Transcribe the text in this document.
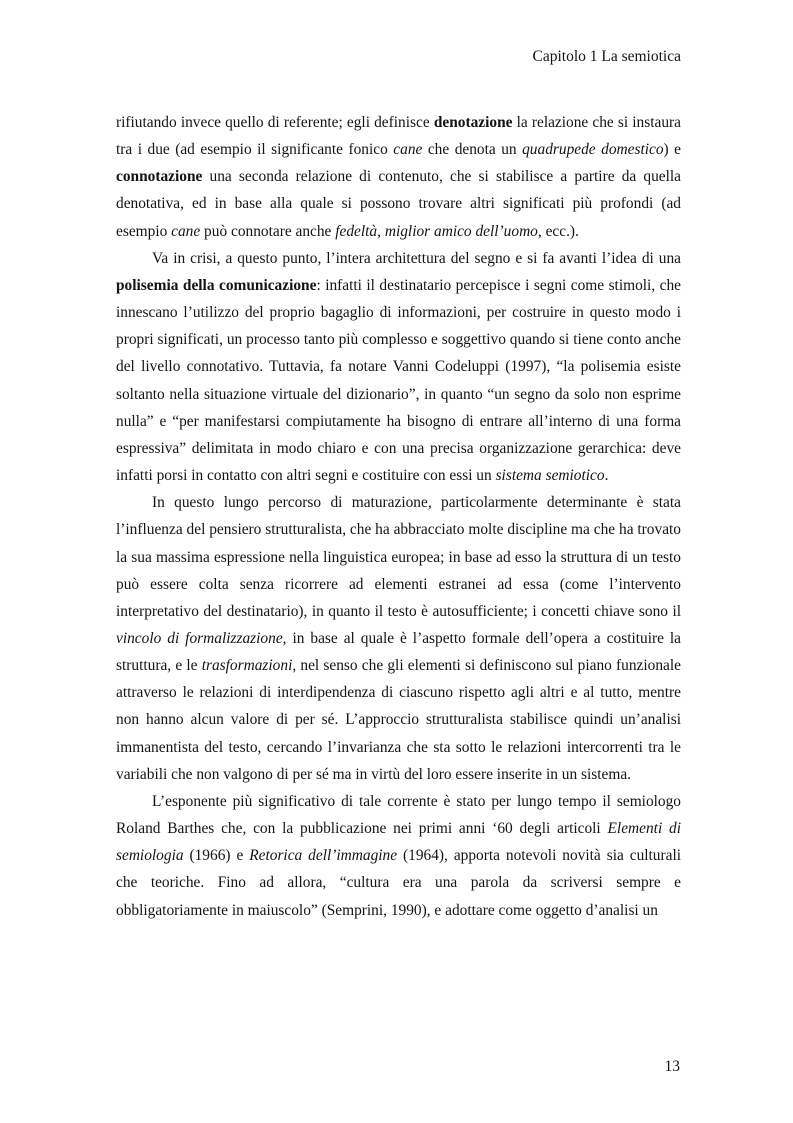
Capitolo 1 La semiotica

rifiutando invece quello di referente; egli definisce denotazione la relazione che si instaura tra i due (ad esempio il significante fonico cane che denota un quadrupede domestico) e connotazione una seconda relazione di contenuto, che si stabilisce a partire da quella denotativa, ed in base alla quale si possono trovare altri significati più profondi (ad esempio cane può connotare anche fedeltà, miglior amico dell’uomo, ecc.).

Va in crisi, a questo punto, l’intera architettura del segno e si fa avanti l’idea di una polisemia della comunicazione: infatti il destinatario percepisce i segni come stimoli, che innescano l’utilizzo del proprio bagaglio di informazioni, per costruire in questo modo i propri significati, un processo tanto più complesso e soggettivo quando si tiene conto anche del livello connotativo. Tuttavia, fa notare Vanni Codeluppi (1997), “la polisemia esiste soltanto nella situazione virtuale del dizionario”, in quanto “un segno da solo non esprime nulla” e “per manifestarsi compiutamente ha bisogno di entrare all’interno di una forma espressiva” delimitata in modo chiaro e con una precisa organizzazione gerarchica: deve infatti porsi in contatto con altri segni e costituire con essi un sistema semiotico.

In questo lungo percorso di maturazione, particolarmente determinante è stata l’influenza del pensiero strutturalista, che ha abbracciato molte discipline ma che ha trovato la sua massima espressione nella linguistica europea; in base ad esso la struttura di un testo può essere colta senza ricorrere ad elementi estranei ad essa (come l’intervento interpretativo del destinatario), in quanto il testo è autosufficiente; i concetti chiave sono il vincolo di formalizzazione, in base al quale è l’aspetto formale dell’opera a costituire la struttura, e le trasformazioni, nel senso che gli elementi si definiscono sul piano funzionale attraverso le relazioni di interdipendenza di ciascuno rispetto agli altri e al tutto, mentre non hanno alcun valore di per sé. L’approccio strutturalista stabilisce quindi un’analisi immanentista del testo, cercando l’invarianza che sta sotto le relazioni intercorrenti tra le variabili che non valgono di per sé ma in virtù del loro essere inserite in un sistema.

L’esponente più significativo di tale corrente è stato per lungo tempo il semiologo Roland Barthes che, con la pubblicazione nei primi anni ‘60 degli articoli Elementi di semiologia (1966) e Retorica dell’immagine (1964), apporta notevoli novità sia culturali che teoriche. Fino ad allora, “cultura era una parola da scriversi sempre e obbligatoriamente in maiuscolo” (Semprini, 1990), e adottare come oggetto d’analisi un

13
